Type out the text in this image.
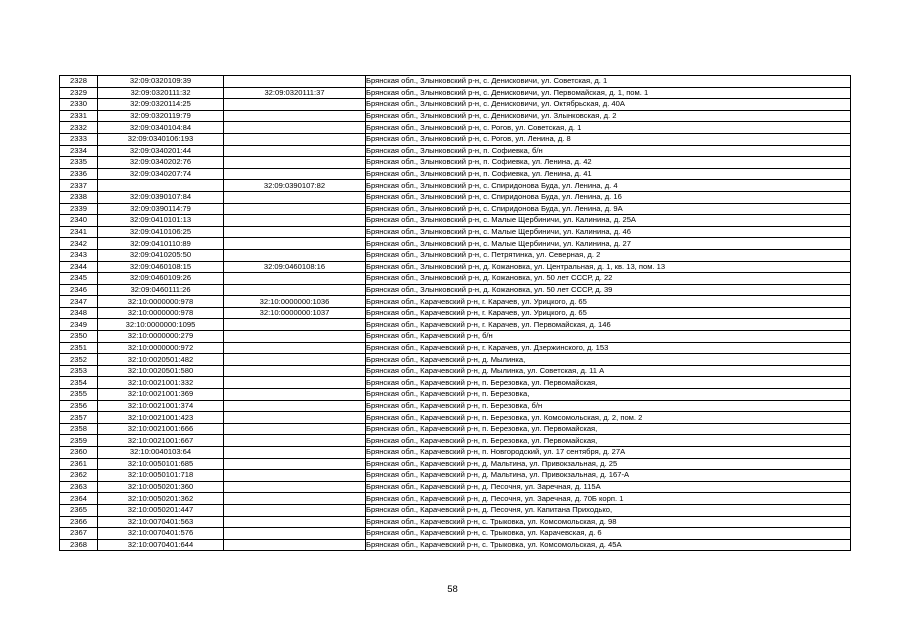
2328	32:09:0320109:39		Брянская обл., Злынковский р-н, с. Денисковичи, ул. Советская, д. 1
2329	32:09:0320111:32	32:09:0320111:37	Брянская обл., Злынковский р-н, с. Денисковичи, ул. Первомайская, д. 1, пом. 1
2330	32:09:0320114:25		Брянская обл., Злынковский р-н, с. Денисковичи, ул. Октябрьская, д. 40А
2331	32:09:0320119:79		Брянская обл., Злынковский р-н, с. Денисковичи, ул. Злынковская, д. 2
2332	32:09:0340104:84		Брянская обл., Злынковский р-н, с. Рогов, ул. Советская, д. 1
2333	32:09:0340106:193		Брянская обл., Злынковский р-н, с. Рогов, ул. Ленина, д. 8
2334	32:09:0340201:44		Брянская обл., Злынковский р-н, п. Софиевка, б/н
2335	32:09:0340202:76		Брянская обл., Злынковский р-н, п. Софиевка, ул. Ленина, д. 42
2336	32:09:0340207:74		Брянская обл., Злынковский р-н, п. Софиевка, ул. Ленина, д. 41
2337		32:09:0390107:82	Брянская обл., Злынковский р-н, с. Спиридонова Буда, ул. Ленина, д. 4
2338	32:09:0390107:84		Брянская обл., Злынковский р-н, с. Спиридонова Буда, ул. Ленина, д. 16
2339	32:09:0390114:79		Брянская обл., Злынковский р-н, с. Спиридонова Буда, ул. Ленина, д. 9А
2340	32:09:0410101:13		Брянская обл., Злынковский р-н, с. Малые Щербиничи, ул. Калинина, д. 25А
2341	32:09:0410106:25		Брянская обл., Злынковский р-н, с. Малые Щербиничи, ул. Калинина, д. 46
2342	32:09:0410110:89		Брянская обл., Злынковский р-н, с. Малые Щербиничи, ул. Калинина, д. 27
2343	32:09:0410205:50		Брянская обл., Злынковский р-н, с. Петрятинка, ул. Северная, д. 2
2344	32:09:0460108:15	32:09:0460108:16	Брянская обл., Злынковский р-н, д. Кожановка, ул. Центральная, д. 1, кв. 13, пом. 13
2345	32:09:0460109:26		Брянская обл., Злынковский р-н, д. Кожановка, ул. 50 лет СССР, д. 22
2346	32:09:0460111:26		Брянская обл., Злынковский р-н, д. Кожановка, ул. 50 лет СССР, д. 39
2347	32:10:0000000:978	32:10:0000000:1036	Брянская обл., Карачевский р-н, г. Карачев, ул. Урицкого, д. 65
2348	32:10:0000000:978	32:10:0000000:1037	Брянская обл., Карачевский р-н, г. Карачев, ул. Урицкого, д. 65
2349	32:10:0000000:1095		Брянская обл., Карачевский р-н, г. Карачев, ул. Первомайская, д. 146
2350	32:10:0000000:279		Брянская обл., Карачевский р-н, б/н
2351	32:10:0000000:972		Брянская обл., Карачевский р-н, г. Карачев, ул. Дзержинского, д. 153
2352	32:10:0020501:482		Брянская обл., Карачевский р-н, д. Мылинка,
2353	32:10:0020501:580		Брянская обл., Карачевский р-н, д. Мылинка, ул. Советская, д. 11 А
2354	32:10:0021001:332		Брянская обл., Карачевский р-н, п. Березовка, ул. Первомайская,
2355	32:10:0021001:369		Брянская обл., Карачевский р-н, п. Березовка,
2356	32:10:0021001:374		Брянская обл., Карачевский р-н, п. Березовка, б/н
2357	32:10:0021001:423		Брянская обл., Карачевский р-н, п. Березовка, ул. Комсомольская, д. 2, пом. 2
2358	32:10:0021001:666		Брянская обл., Карачевский р-н, п. Березовка, ул. Первомайская,
2359	32:10:0021001:667		Брянская обл., Карачевский р-н, п. Березовка, ул. Первомайская,
2360	32:10:0040103:64		Брянская обл., Карачевский р-н, п. Новгородский, ул. 17 сентября, д. 27А
2361	32:10:0050101:685		Брянская обл., Карачевский р-н, д. Мальтина, ул. Привокзальная, д. 25
2362	32:10:0050101:718		Брянская обл., Карачевский р-н, д. Мальтина, ул. Привокзальная, д. 167-А
2363	32:10:0050201:360		Брянская обл., Карачевский р-н, д. Песочня, ул. Заречная, д. 115А
2364	32:10:0050201:362		Брянская обл., Карачевский р-н, д. Песочня, ул. Заречная, д. 70Б корп. 1
2365	32:10:0050201:447		Брянская обл., Карачевский р-н, д. Песочня, ул. Капитана Приходько,
2366	32:10:0070401:563		Брянская обл., Карачевский р-н, с. Трыковка, ул. Комсомольская, д. 98
2367	32:10:0070401:576		Брянская обл., Карачевский р-н, с. Трыковка, ул. Карачевская, д. 6
2368	32:10:0070401:644		Брянская обл., Карачевский р-н, с. Трыковка, ул. Комсомольская, д. 45А
58
